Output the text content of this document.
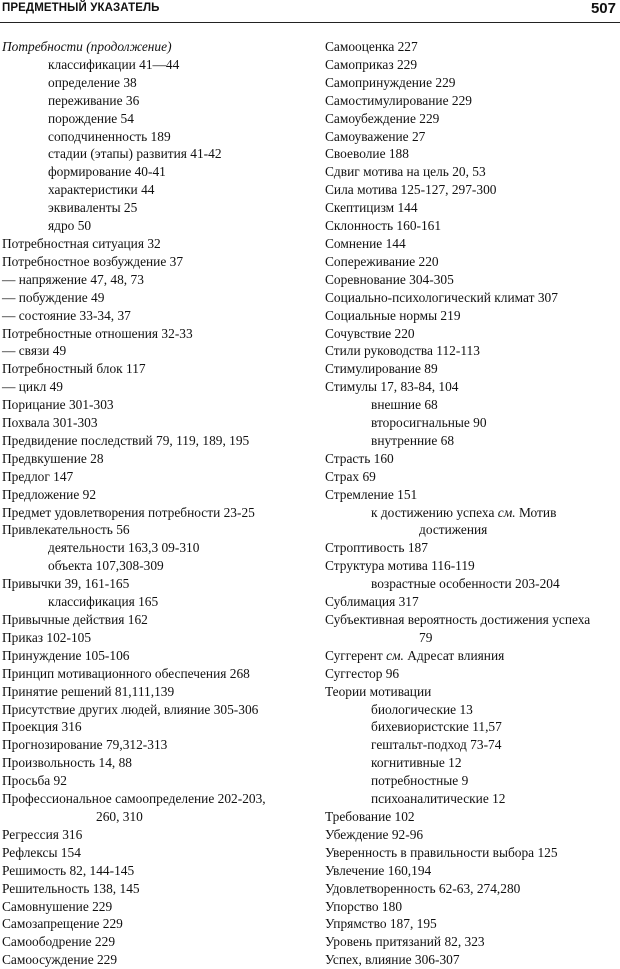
ПРЕДМЕТНЫЙ УКАЗАТЕЛЬ	507
Потребности (продолжение)
классификации 41—44
определение 38
переживание 36
порождение 54
соподчиненность 189
стадии (этапы) развития 41-42
формирование 40-41
характеристики 44
эквиваленты 25
ядро 50
Потребностная ситуация 32
Потребностное возбуждение 37
— напряжение 47, 48, 73
— побуждение 49
— состояние 33-34, 37
Потребностные отношения 32-33
— связи 49
Потребностный блок 117
— цикл 49
Порицание 301-303
Похвала 301-303
Предвидение последствий 79, 119, 189, 195
Предвкушение 28
Предлог 147
Предложение 92
Предмет удовлетворения потребности 23-25
Привлекательность 56
деятельности 163,3 09-310
объекта 107,308-309
Привычки 39, 161-165
классификация 165
Привычные действия 162
Приказ 102-105
Принуждение 105-106
Принцип мотивационного обеспечения 268
Принятие решений 81,111,139
Присутствие других людей, влияние 305-306
Проекция 316
Прогнозирование 79,312-313
Произвольность 14, 88
Просьба 92
Профессиональное самоопределение 202-203,
260, 310
Регрессия 316
Рефлексы 154
Решимость 82, 144-145
Решительность 138, 145
Самовнушение 229
Самозапрещение 229
Самоободрение 229
Самоосуждение 229
Самооценка 227
Самоприказ 229
Самопринуждение 229
Самостимулирование 229
Самоубеждение 229
Самоуважение 27
Своеволие 188
Сдвиг мотива на цель 20, 53
Сила мотива 125-127, 297-300
Скептицизм 144
Склонность 160-161
Сомнение 144
Сопереживание 220
Соревнование 304-305
Социально-психологический климат 307
Социальные нормы 219
Сочувствие 220
Стили руководства 112-113
Стимулирование 89
Стимулы 17, 83-84, 104
внешние 68
второсигнальные 90
внутренние 68
Страсть 160
Страх 69
Стремление 151
к достижению успеха см. Мотив
достижения
Строптивость 187
Структура мотива 116-119
возрастные особенности 203-204
Сублимация 317
Субъективная вероятность достижения успеха
79
Суггерент см. Адресат влияния
Суггестор 96
Теории мотивации
биологические 13
бихевиористские 11,57
гештальт-подход 73-74
когнитивные 12
потребностные 9
психоаналитические 12
Требование 102
Убеждение 92-96
Уверенность в правильности выбора 125
Увлечение 160,194
Удовлетворенность 62-63, 274,280
Упорство 180
Упрямство 187, 195
Уровень притязаний 82, 323
Успех, влияние 306-307
